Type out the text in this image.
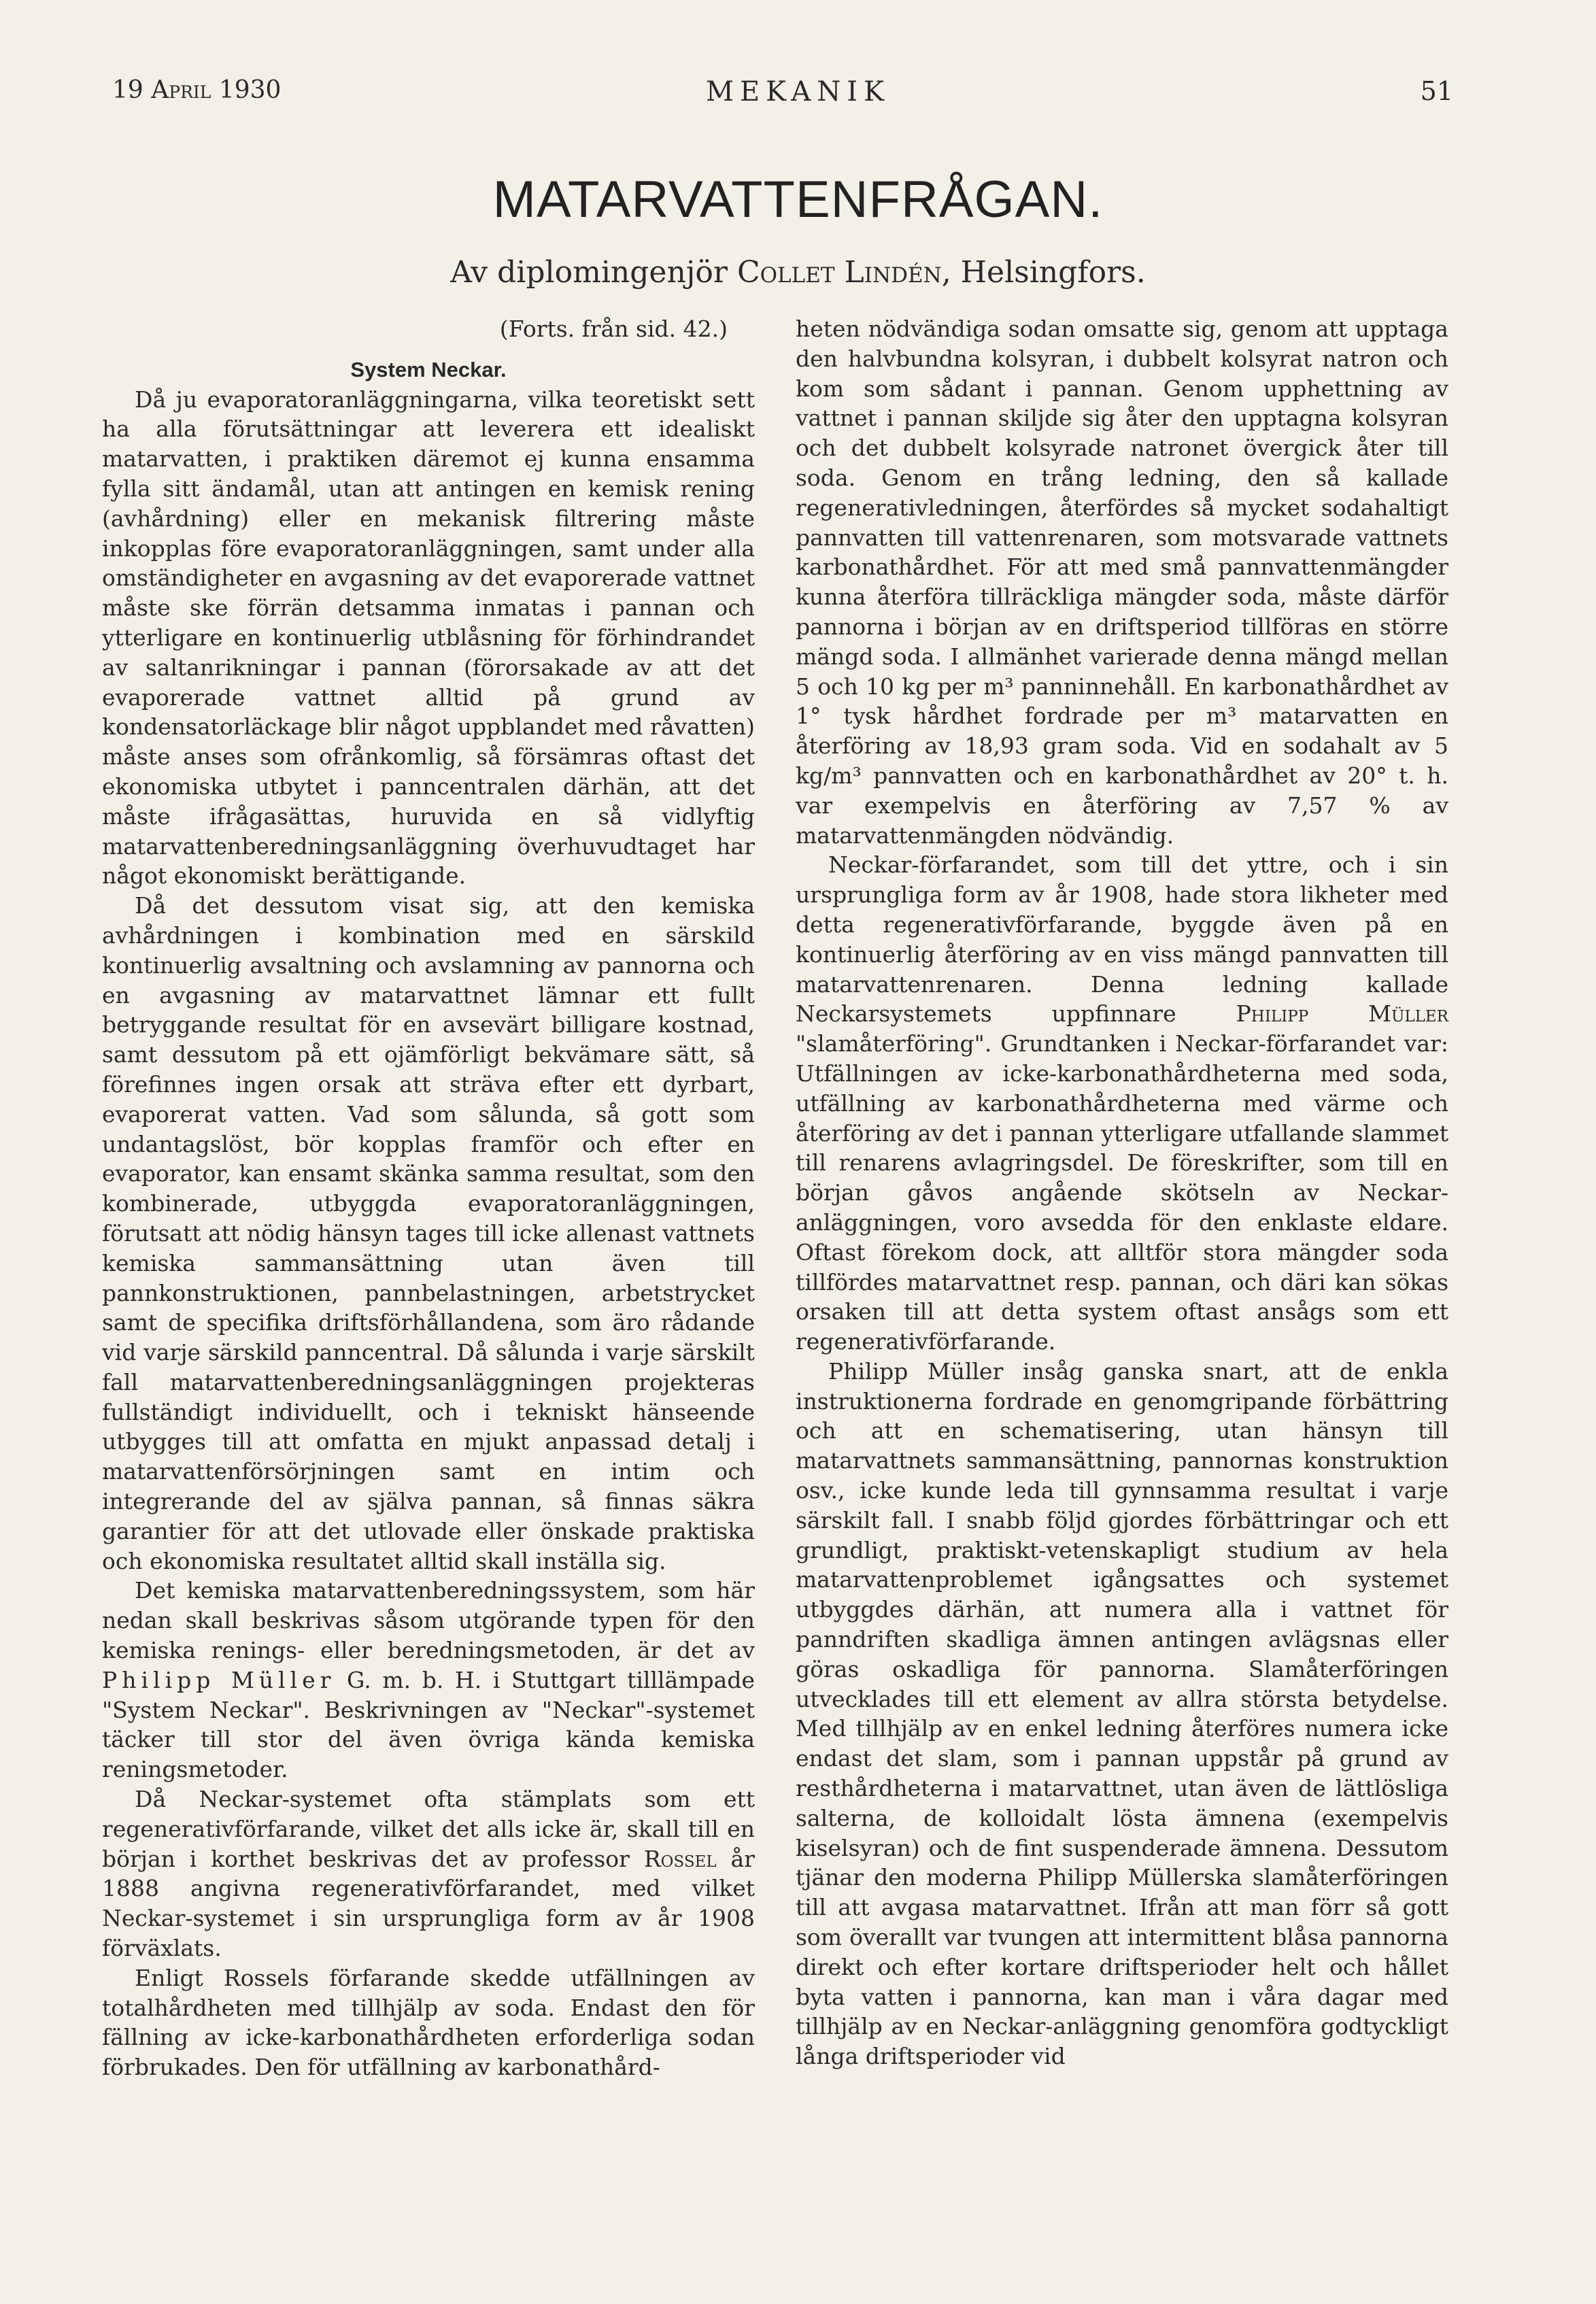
19 April 1930	MEKANIK	51
MATARVATTENFRÅGAN.
Av diplomingenjör Collet Lindén, Helsingfors.
(Forts. från sid. 42.)
System Neckar.

Då ju evaporatoranläggningarna, vilka teoretiskt sett ha alla förutsättningar att leverera ett idealiskt matarvatten, i praktiken däremot ej kunna ensamma fylla sitt ändamål, utan att antingen en kemisk rening (avhårdning) eller en mekanisk filtrering måste inkopplas före evaporatoranläggningen, samt under alla omständigheter en avgasning av det evaporerade vattnet måste ske förrän detsamma inmatas i pannan och ytterligare en kontinuerlig utblåsning för förhindrandet av saltanrikningar i pannan (förorsakade av att det evaporerade vattnet alltid på grund av kondensatorläckage blir något uppblandet med råvatten) måste anses som ofrånkomlig, så försämras oftast det ekonomiska utbytet i panncentralen därhän, att det måste ifrågasättas, huruvida en så vidlyftig matarvattenberedningsanläggning överhuvudtaget har något ekonomiskt berättigande.

Då det dessutom visat sig, att den kemiska avhårdningen i kombination med en särskild kontinuerlig avsaltning och avslamning av pannorna och en avgasning av matarvattnet lämnar ett fullt betryggande resultat för en avsevärt billigare kostnad, samt dessutom på ett ojämförligt bekvämare sätt, så förefinnes ingen orsak att sträva efter ett dyrbart, evaporerat vatten. Vad som sålunda, så gott som undantagslöst, bör kopplas framför och efter en evaporator, kan ensamt skänka samma resultat, som den kombinerade, utbyggda evaporatoranläggningen, förutsatt att nödig hänsyn tages till icke allenast vattnets kemiska sammansättning utan även till pannkonstruktionen, pannbelastningen, arbetstrycket samt de specifika driftsförhållandena, som äro rådande vid varje särskild panncentral. Då sålunda i varje särskilt fall matarvattenberedningsanläggningen projekteras fullständigt individuellt, och i tekniskt hänseende utbygges till att omfatta en mjukt anpassad detalj i matarvattenförsörjningen samt en intim och integrerande del av själva pannan, så finnas säkra garantier för att det utlovade eller önskade praktiska och ekonomiska resultatet alltid skall inställa sig.

Det kemiska matarvattenberedningssystem, som här nedan skall beskrivas såsom utgörande typen för den kemiska renings- eller beredningsmetoden, är det av Philipp Müller G. m. b. H. i Stuttgart tilllämpade "System Neckar". Beskrivningen av "Neckar"-systemet täcker till stor del även övriga kända kemiska reningsmetoder.

Då Neckar-systemet ofta stämplats som ett regenerativförfarande, vilket det alls icke är, skall till en början i korthet beskrivas det av professor Rossel år 1888 angivna regenerativförfarandet, med vilket Neckar-systemet i sin ursprungliga form av år 1908 förväxlats.

Enligt Rossels förfarande skedde utfällningen av totalhårdheten med tillhjälp av soda. Endast den för fällning av icke-karbonathårdheten erforderliga sodan förbrukades. Den för utfällning av karbonathård-

heten nödvändiga sodan omsatte sig, genom att upptaga den halvbundna kolsyran, i dubbelt kolsyrat natron och kom som sådant i pannan. Genom upphettning av vattnet i pannan skiljde sig åter den upptagna kolsyran och det dubbelt kolsyrade natronet övergick åter till soda. Genom en trång ledning, den så kallade regenerativledningen, återfördes så mycket sodahaltigt pannvatten till vattenrenaren, som motsvarade vattnets karbonathårdhet. För att med små pannvattenmängder kunna återföra tillräckliga mängder soda, måste därför pannorna i början av en driftsperiod tillföras en större mängd soda. I allmänhet varierade denna mängd mellan 5 och 10 kg per m³ panninnehåll. En karbonathårdhet av 1° tysk hårdhet fordrade per m³ matarvatten en återföring av 18,93 gram soda. Vid en sodahalt av 5 kg/m³ pannvatten och en karbonathårdhet av 20° t. h. var exempelvis en återföring av 7,57 % av matarvattenmängden nödvändig.

Neckar-förfarandet, som till det yttre, och i sin ursprungliga form av år 1908, hade stora likheter med detta regenerativförfarande, byggde även på en kontinuerlig återföring av en viss mängd pannvatten till matarvattenrenaren. Denna ledning kallade Neckarsystemets uppfinnare	Philipp Müller "slamåterföring". Grundtanken i Neckar-förfarandet var: Utfällningen av icke-karbonathårdheterna med soda, utfällning av karbonathårdheterna med värme och återföring av det i pannan ytterligare utfallande slammet till renarens avlagringsdel. De föreskrifter, som till en början gåvos angående skötseln av Neckar-anläggningen, voro avsedda för den enklaste eldare. Oftast förekom dock, att alltför stora mängder soda tillfördes matarvattnet resp. pannan, och däri kan sökas orsaken till att detta system oftast ansågs som ett regenerativförfarande.

Philipp Müller insåg ganska snart, att de enkla instruktionerna fordrade en genomgripande förbättring och att en schematisering, utan hänsyn till matarvattnets sammansättning, pannornas konstruktion osv., icke kunde leda till gynnsamma resultat i varje särskilt fall. I snabb följd gjordes förbättringar och ett grundligt, praktiskt-vetenskapligt studium av hela matarvattenproblemet igångsattes och systemet utbyggdes därhän, att numera alla i vattnet för panndriften skadliga ämnen antingen avlägsnas eller göras oskadliga för pannorna. Slamåterföringen utvecklades till ett element av allra största betydelse. Med tillhjälp av en enkel ledning återföres numera icke endast det slam, som i pannan uppstår på grund av resthårdheterna i matarvattnet, utan även de lättlösliga salterna, de kolloidalt lösta ämnena (exempelvis kiselsyran) och de fint suspenderade ämnena. Dessutom tjänar den moderna Philipp Müllerska slamåterföringen till att avgasa matarvattnet. Ifrån att man förr så gott som överallt var tvungen att intermittent blåsa pannorna direkt och efter kortare driftsperioder helt och hållet byta vatten i pannorna, kan man i våra dagar med tillhjälp av en Neckar-anläggning genomföra godtyckligt långa driftsperioder vid
